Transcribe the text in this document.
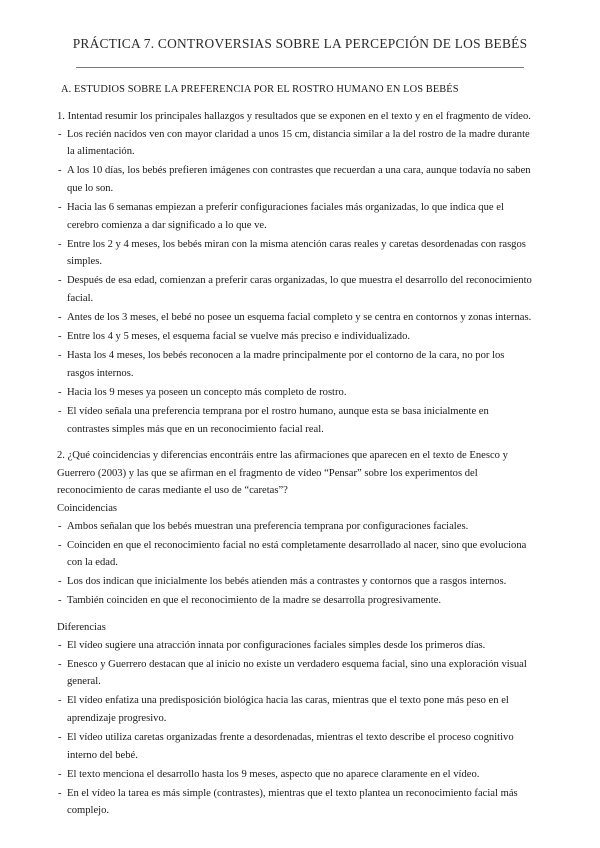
PRÁCTICA 7. CONTROVERSIAS SOBRE LA PERCEPCIÓN DE LOS BEBÉS
A. ESTUDIOS SOBRE LA PREFERENCIA POR EL ROSTRO HUMANO EN LOS BEBÉS

1. Intentad resumir los principales hallazgos y resultados que se exponen en el texto y en el fragmento de vídeo.

- Los recién nacidos ven con mayor claridad a unos 15 cm, distancia similar a la del rostro de la madre durante la alimentación.
- A los 10 días, los bebés prefieren imágenes con contrastes que recuerdan a una cara, aunque todavía no saben que lo son.
- Hacia las 6 semanas empiezan a preferir configuraciones faciales más organizadas, lo que indica que el cerebro comienza a dar significado a lo que ve.
- Entre los 2 y 4 meses, los bebés miran con la misma atención caras reales y caretas desordenadas con rasgos simples.
- Después de esa edad, comienzan a preferir caras organizadas, lo que muestra el desarrollo del reconocimiento facial.
- Antes de los 3 meses, el bebé no posee un esquema facial completo y se centra en contornos y zonas internas.
- Entre los 4 y 5 meses, el esquema facial se vuelve más preciso e individualizado.
- Hasta los 4 meses, los bebés reconocen a la madre principalmente por el contorno de la cara, no por los rasgos internos.
- Hacia los 9 meses ya poseen un concepto más completo de rostro.
- El vídeo señala una preferencia temprana por el rostro humano, aunque esta se basa inicialmente en contrastes simples más que en un reconocimiento facial real.

2. ¿Qué coincidencias y diferencias encontráis entre las afirmaciones que aparecen en el texto de Enesco y Guerrero (2003) y las que se afirman en el fragmento de vídeo “Pensar” sobre los experimentos del reconocimiento de caras mediante el uso de “caretas”?

Coincidencias

- Ambos señalan que los bebés muestran una preferencia temprana por configuraciones faciales.
- Coinciden en que el reconocimiento facial no está completamente desarrollado al nacer, sino que evoluciona con la edad.
- Los dos indican que inicialmente los bebés atienden más a contrastes y contornos que a rasgos internos.
- También coinciden en que el reconocimiento de la madre se desarrolla progresivamente.

Diferencias

- El vídeo sugiere una atracción innata por configuraciones faciales simples desde los primeros días.
- Enesco y Guerrero destacan que al inicio no existe un verdadero esquema facial, sino una exploración visual general.
- El vídeo enfatiza una predisposición biológica hacia las caras, mientras que el texto pone más peso en el aprendizaje progresivo.
- El vídeo utiliza caretas organizadas frente a desordenadas, mientras el texto describe el proceso cognitivo interno del bebé.
- El texto menciona el desarrollo hasta los 9 meses, aspecto que no aparece claramente en el vídeo.
- En el vídeo la tarea es más simple (contrastes), mientras que el texto plantea un reconocimiento facial más complejo.
